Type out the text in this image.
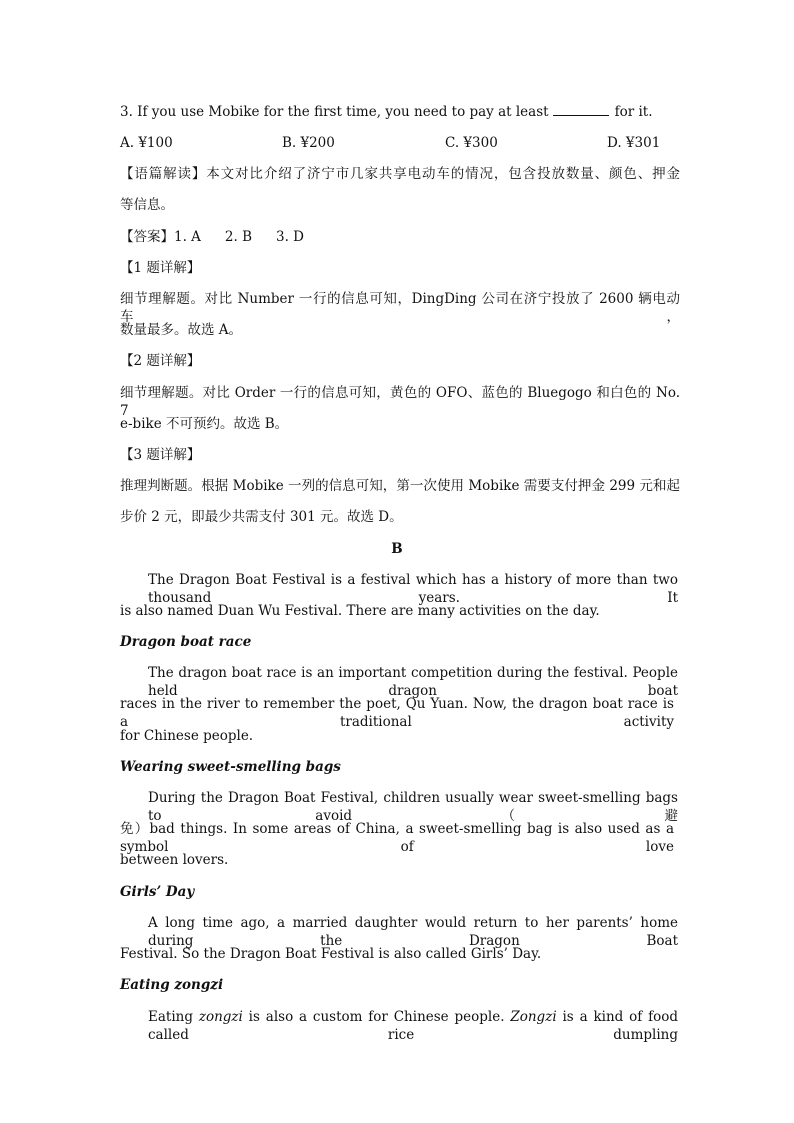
3. If you use Mobike for the first time, you need to pay at least	for it.
A. ¥100	B. ¥200	C. ¥300	D. ¥301
【语篇解读】本文对比介绍了济宁市几家共享电动车的情况，包含投放数量、颜色、押金
等信息。
【答案】1. A 2. B 3. D
【1 题详解】
细节理解题。对比 Number 一行的信息可知，DingDing 公司在济宁投放了 2600 辆电动车，
数量最多。故选 A。
【2 题详解】
细节理解题。对比 Order 一行的信息可知，黄色的 OFO、蓝色的 Bluegogo 和白色的 No. 7
e-bike 不可预约。故选 B。
【3 题详解】
推理判断题。根据 Mobike 一列的信息可知，第一次使用 Mobike 需要支付押金 299 元和起
步价 2 元，即最少共需支付 301 元。故选 D。
B
The Dragon Boat Festival is a festival which has a history of more than two thousand years. It
is also named Duan Wu Festival. There are many activities on the day.
Dragon boat race
The dragon boat race is an important competition during the festival. People held dragon boat
races in the river to remember the poet, Qu Yuan. Now, the dragon boat race is a traditional activity
for Chinese people.
Wearing sweet-smelling bags
During the Dragon Boat Festival, children usually wear sweet-smelling bags to avoid（避
免）bad things. In some areas of China, a sweet-smelling bag is also used as a symbol of love
between lovers.
Girls’ Day
A long time ago, a married daughter would return to her parents’ home during the Dragon Boat
Festival. So the Dragon Boat Festival is also called Girls’ Day.
Eating zongzi
Eating zongzi is also a custom for Chinese people. Zongzi is a kind of food called rice dumpling
